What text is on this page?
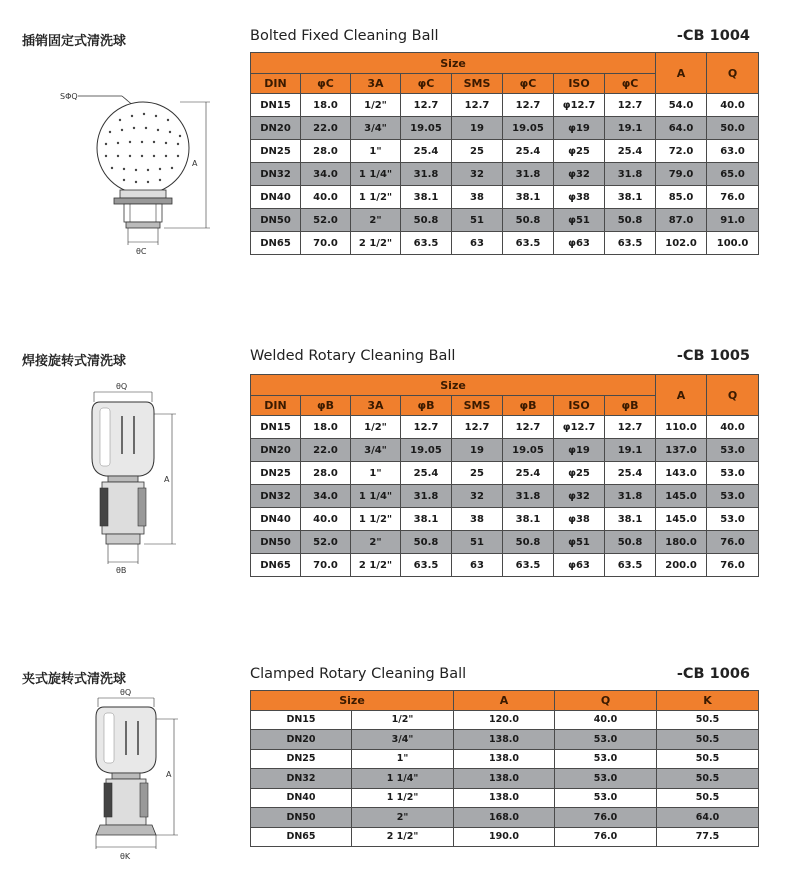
插销固定式清洗球	Bolted Fixed Cleaning Ball	-CB 1004
SΦQ
θC
A
Size								A	Q
DIN	φC	3A	φC	SMS	φC	ISO	φC		
DN15	18.0	1/2"	12.7	12.7	12.7	φ12.7	12.7	54.0	40.0
DN20	22.0	3/4"	19.05	19	19.05	φ19	19.1	64.0	50.0
DN25	28.0	1"	25.4	25	25.4	φ25	25.4	72.0	63.0
DN32	34.0	1 1/4"	31.8	32	31.8	φ32	31.8	79.0	65.0
DN40	40.0	1 1/2"	38.1	38	38.1	φ38	38.1	85.0	76.0
DN50	52.0	2"	50.8	51	50.8	φ51	50.8	87.0	91.0
DN65	70.0	2 1/2"	63.5	63	63.5	φ63	63.5	102.0	100.0
焊接旋转式清洗球	Welded Rotary Cleaning Ball	-CB 1005
θQ
θB
A
Size								A	Q
DIN	φB	3A	φB	SMS	φB	ISO	φB		
DN15	18.0	1/2"	12.7	12.7	12.7	φ12.7	12.7	110.0	40.0
DN20	22.0	3/4"	19.05	19	19.05	φ19	19.1	137.0	53.0
DN25	28.0	1"	25.4	25	25.4	φ25	25.4	143.0	53.0
DN32	34.0	1 1/4"	31.8	32	31.8	φ32	31.8	145.0	53.0
DN40	40.0	1 1/2"	38.1	38	38.1	φ38	38.1	145.0	53.0
DN50	52.0	2"	50.8	51	50.8	φ51	50.8	180.0	76.0
DN65	70.0	2 1/2"	63.5	63	63.5	φ63	63.5	200.0	76.0
夹式旋转式清洗球	Clamped Rotary Cleaning Ball	-CB 1006
θQ
θK
A
Size		A	Q	K
DN15	1/2"	120.0	40.0	50.5
DN20	3/4"	138.0	53.0	50.5
DN25	1"	138.0	53.0	50.5
DN32	1 1/4"	138.0	53.0	50.5
DN40	1 1/2"	138.0	53.0	50.5
DN50	2"	168.0	76.0	64.0
DN65	2 1/2"	190.0	76.0	77.5
